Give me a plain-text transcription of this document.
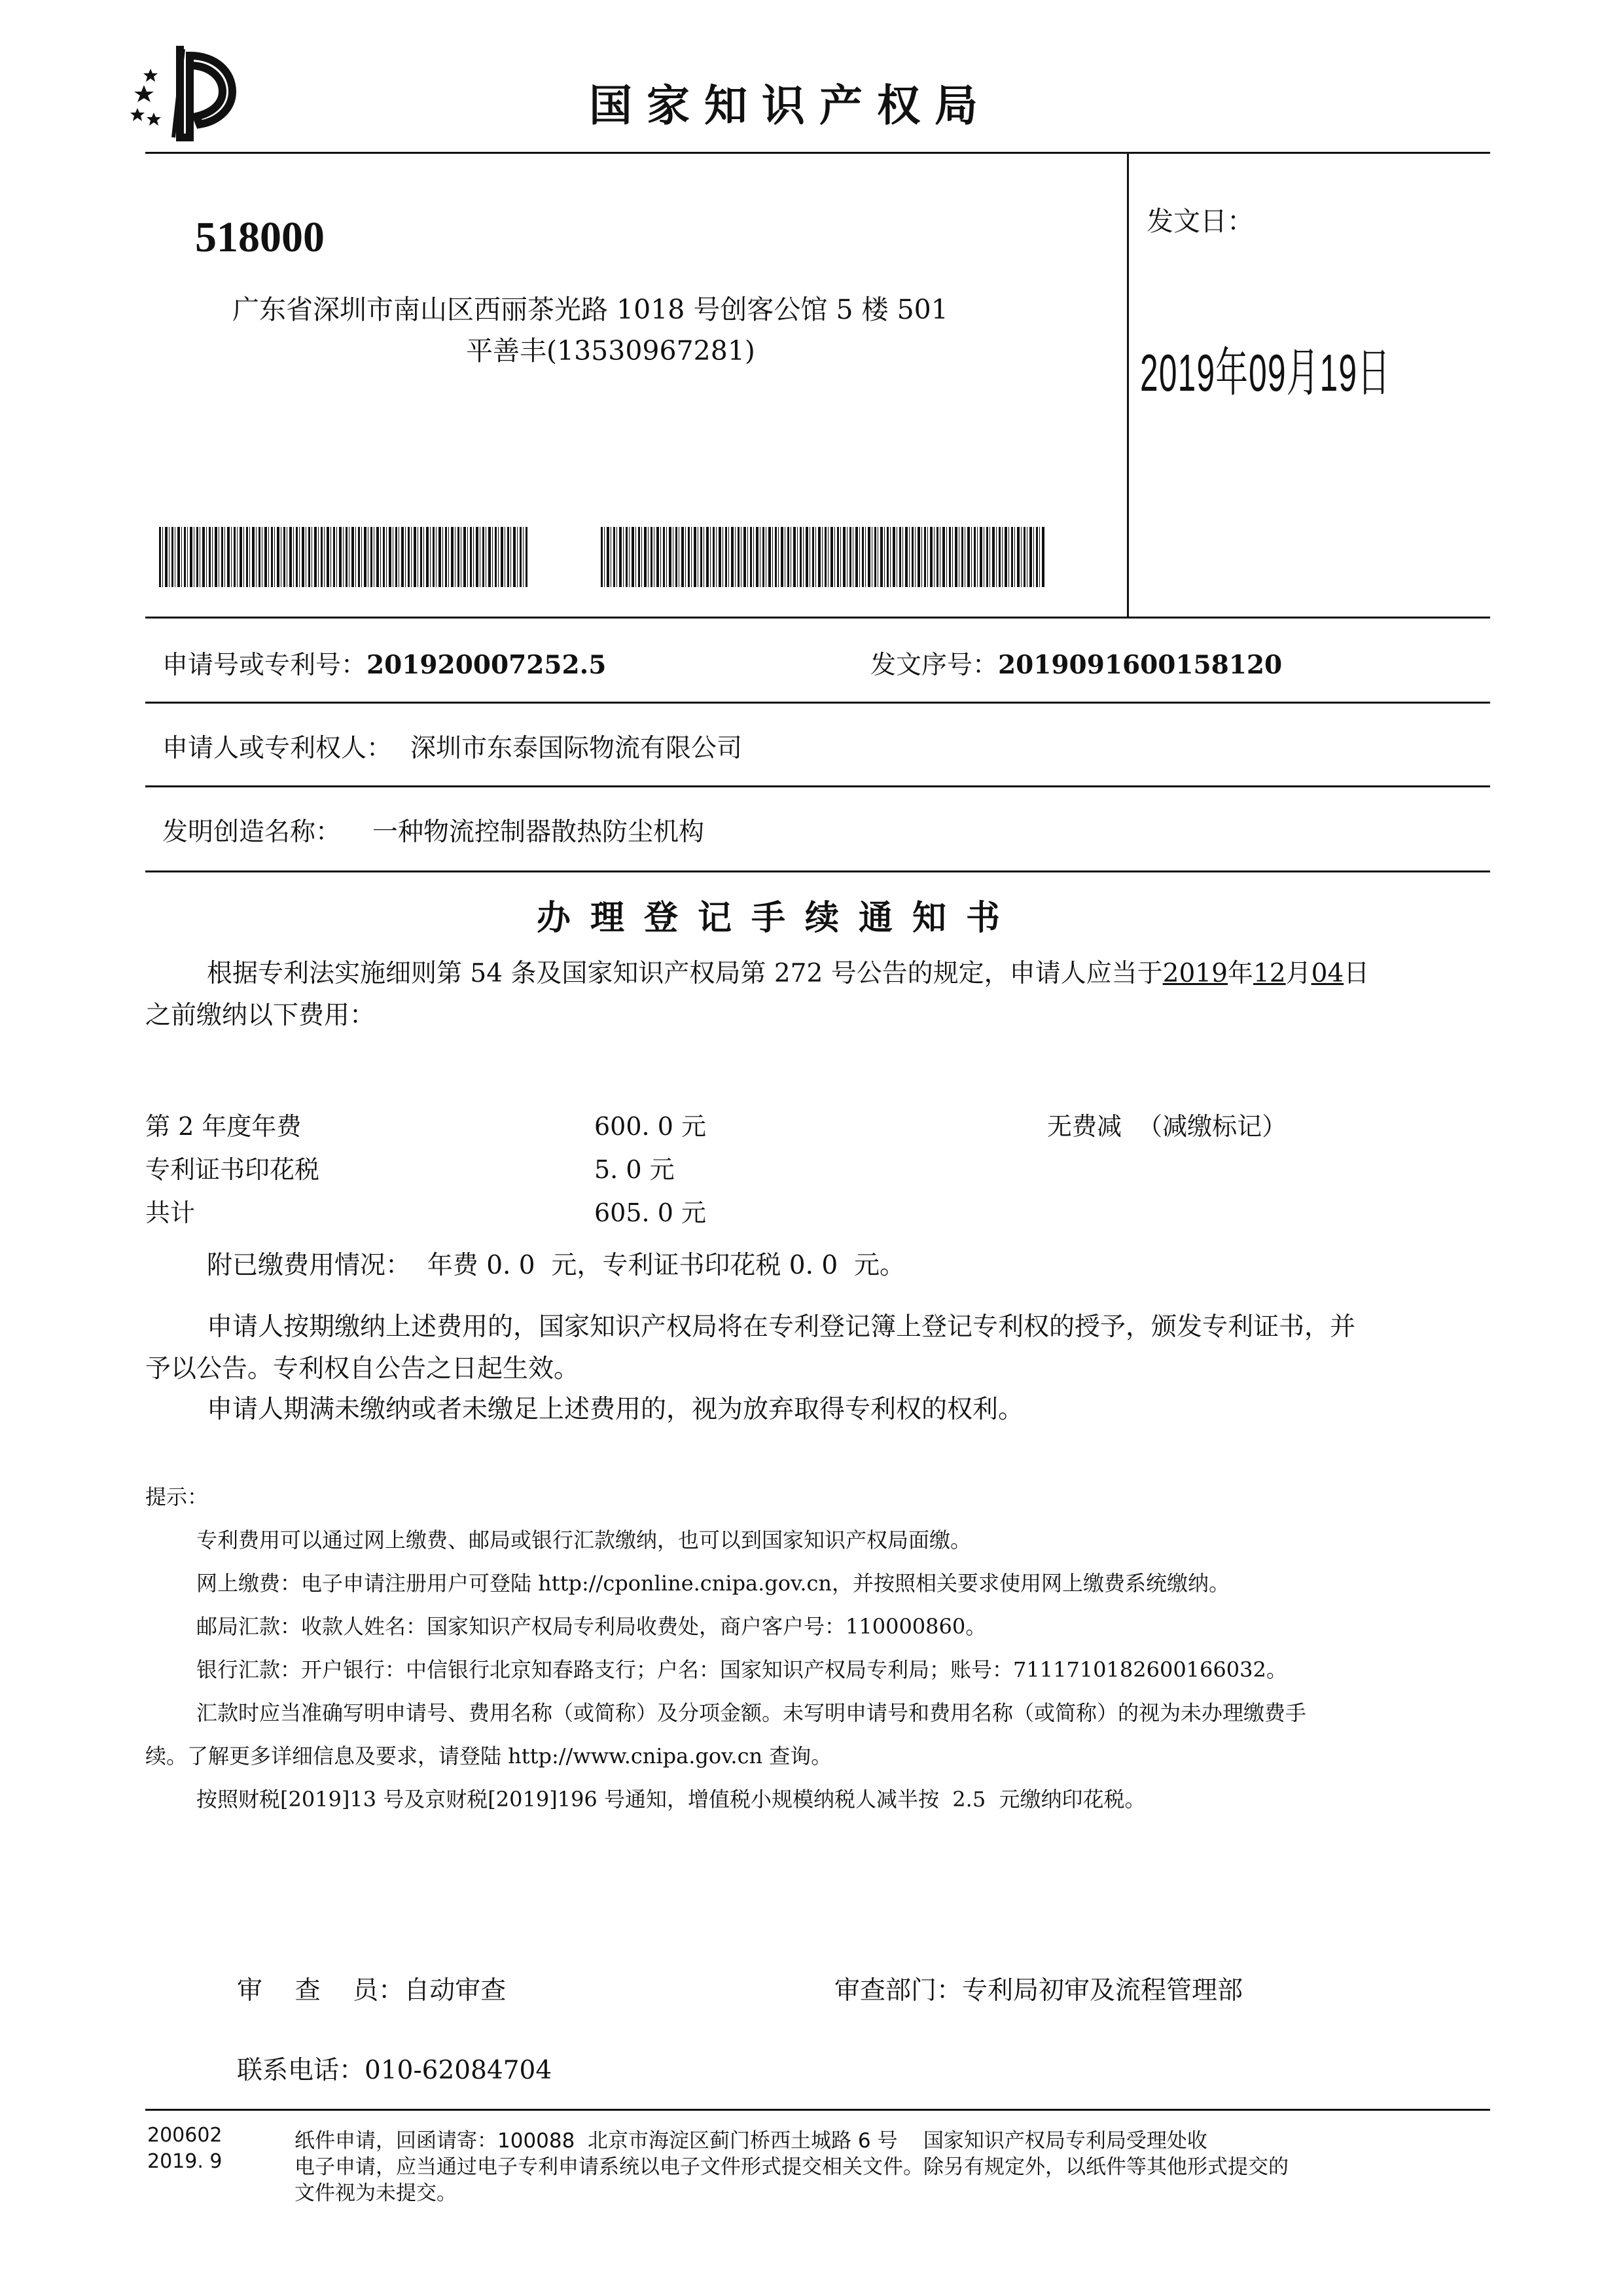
国家知识产权局
518000
广东省深圳市南山区西丽茶光路 1018 号创客公馆 5 楼 501
平善丰(13530967281)
发文日：
2019年09月19日
申请号或专利号：201920007252.5	发文序号：2019091600158120
申请人或专利权人： 深圳市东泰国际物流有限公司
发明创造名称： 一种物流控制器散热防尘机构
办理登记手续通知书
根据专利法实施细则第 54 条及国家知识产权局第 272 号公告的规定，申请人应当于2019年12月04日
之前缴纳以下费用：
第 2 年度年费	600. 0 元	无费减  （减缴标记）
专利证书印花税	5. 0 元
共计	605. 0 元
附已缴费用情况：  年费 0. 0  元，专利证书印花税 0. 0  元。
申请人按期缴纳上述费用的，国家知识产权局将在专利登记簿上登记专利权的授予，颁发专利证书，并
予以公告。专利权自公告之日起生效。
申请人期满未缴纳或者未缴足上述费用的，视为放弃取得专利权的权利。
提示：
专利费用可以通过网上缴费、邮局或银行汇款缴纳，也可以到国家知识产权局面缴。
网上缴费：电子申请注册用户可登陆 http://cponline.cnipa.gov.cn，并按照相关要求使用网上缴费系统缴纳。
邮局汇款：收款人姓名：国家知识产权局专利局收费处，商户客户号：110000860。
银行汇款：开户银行：中信银行北京知春路支行；户名：国家知识产权局专利局；账号：7111710182600166032。
汇款时应当准确写明申请号、费用名称（或简称）及分项金额。未写明申请号和费用名称（或简称）的视为未办理缴费手
续。了解更多详细信息及要求，请登陆 http://www.cnipa.gov.cn 查询。
按照财税[2019]13 号及京财税[2019]196 号通知，增值税小规模纳税人减半按  2.5  元缴纳印花税。
审    查    员：自动审查	审查部门：专利局初审及流程管理部
联系电话：010-62084704
200602
2019. 9
纸件申请，回函请寄：100088  北京市海淀区蓟门桥西土城路 6 号    国家知识产权局专利局受理处收
电子申请，应当通过电子专利申请系统以电子文件形式提交相关文件。除另有规定外，以纸件等其他形式提交的
文件视为未提交。
